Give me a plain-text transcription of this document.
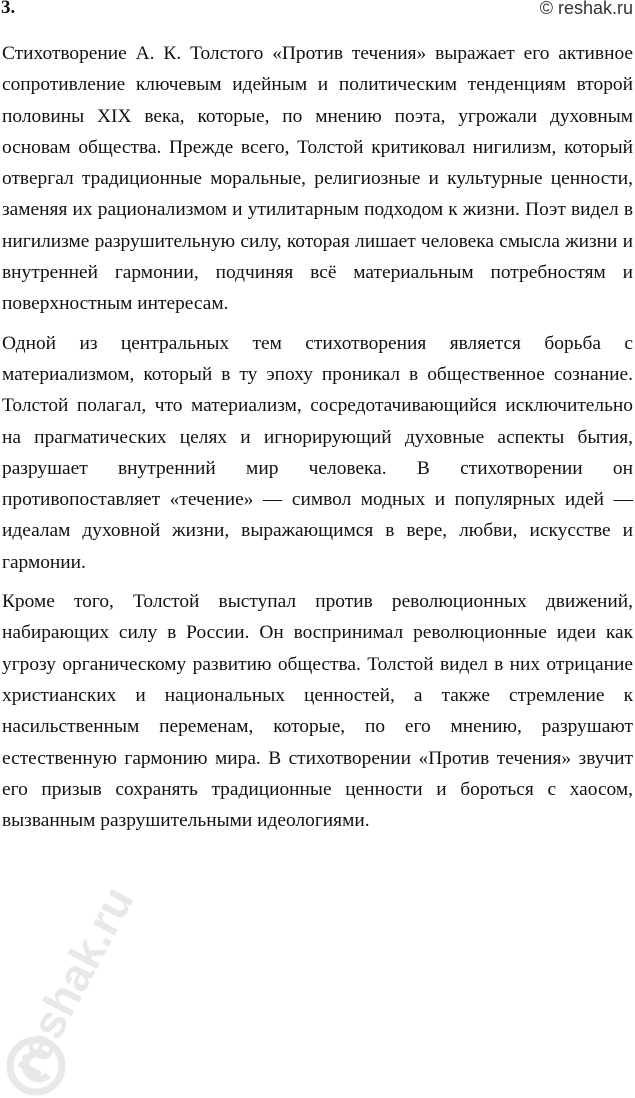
3.	© reshak.ru

Стихотворение А. К. Толстого «Против течения» выражает его активное сопротивление ключевым идейным и политическим тенденциям второй половины XIX века, которые, по мнению поэта, угрожали духовным основам общества. Прежде всего, Толстой критиковал нигилизм, который отвергал традиционные моральные, религиозные и культурные ценности, заменяя их рационализмом и утилитарным подходом к жизни. Поэт видел в нигилизме разрушительную силу, которая лишает человека смысла жизни и внутренней гармонии, подчиняя всё материальным потребностям и поверхностным интересам.

Одной из центральных тем стихотворения является борьба с материализмом, который в ту эпоху проникал в общественное сознание. Толстой полагал, что материализм, сосредотачивающийся исключительно на прагматических целях и игнорирующий духовные аспекты бытия, разрушает внутренний мир человека. В стихотворении он противопоставляет «течение» — символ модных и популярных идей — идеалам духовной жизни, выражающимся в вере, любви, искусстве и гармонии.

Кроме того, Толстой выступал против революционных движений, набирающих силу в России. Он воспринимал революционные идеи как угрозу органическому развитию общества. Толстой видел в них отрицание христианских и национальных ценностей, а также стремление к насильственным переменам, которые, по его мнению, разрушают естественную гармонию мира. В стихотворении «Против течения» звучит его призыв сохранять традиционные ценности и бороться с хаосом, вызванным разрушительными идеологиями.

reshak.ru
